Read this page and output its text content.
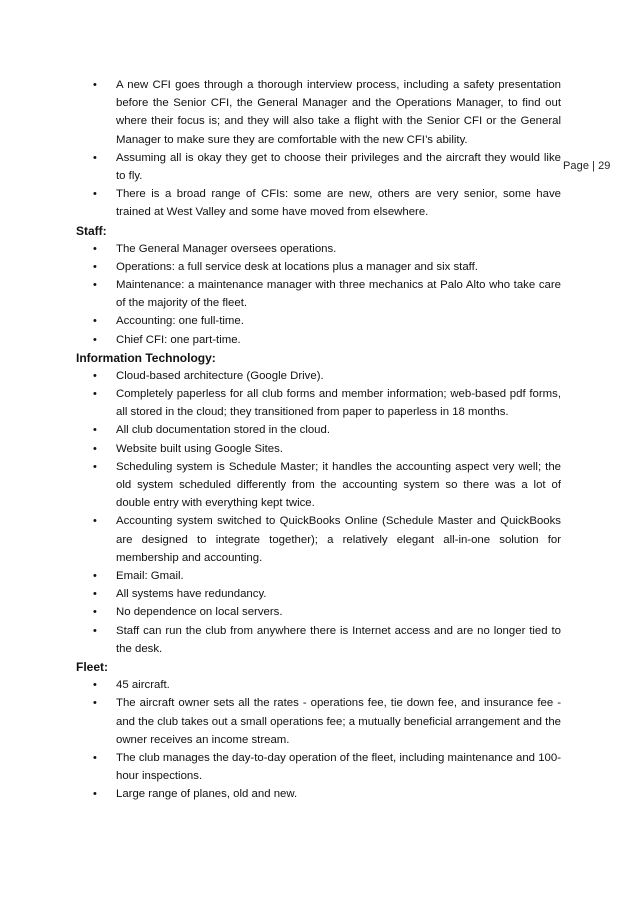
Page | 29
• A new CFI goes through a thorough interview process, including a safety presentation before the Senior CFI, the General Manager and the Operations Manager, to find out where their focus is; and they will also take a flight with the Senior CFI or the General Manager to make sure they are comfortable with the new CFI’s ability.
• Assuming all is okay they get to choose their privileges and the aircraft they would like to fly.
• There is a broad range of CFIs: some are new, others are very senior, some have trained at West Valley and some have moved from elsewhere.
Staff:
• The General Manager oversees operations.
• Operations: a full service desk at locations plus a manager and six staff.
• Maintenance: a maintenance manager with three mechanics at Palo Alto who take care of the majority of the fleet.
• Accounting: one full-time.
• Chief CFI: one part-time.
Information Technology:
• Cloud-based architecture (Google Drive).
• Completely paperless for all club forms and member information; web-based pdf forms, all stored in the cloud; they transitioned from paper to paperless in 18 months.
• All club documentation stored in the cloud.
• Website built using Google Sites.
• Scheduling system is Schedule Master; it handles the accounting aspect very well; the old system scheduled differently from the accounting system so there was a lot of double entry with everything kept twice.
• Accounting system switched to QuickBooks Online (Schedule Master and QuickBooks are designed to integrate together); a relatively elegant all-in-one solution for membership and accounting.
• Email: Gmail.
• All systems have redundancy.
• No dependence on local servers.
• Staff can run the club from anywhere there is Internet access and are no longer tied to the desk.
Fleet:
• 45 aircraft.
• The aircraft owner sets all the rates - operations fee, tie down fee, and insurance fee - and the club takes out a small operations fee; a mutually beneficial arrangement and the owner receives an income stream.
• The club manages the day-to-day operation of the fleet, including maintenance and 100-hour inspections.
• Large range of planes, old and new.
